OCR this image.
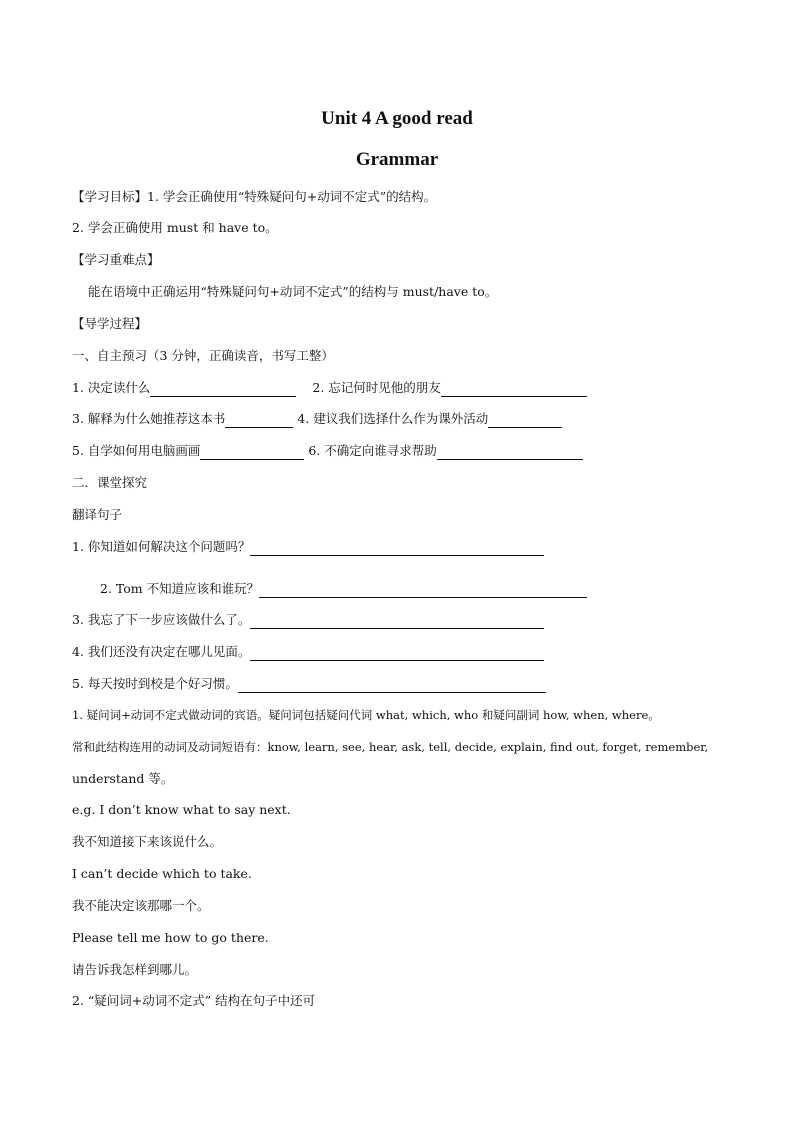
Unit 4 A good read
Grammar
【学习目标】1. 学会正确使用“特殊疑问句+动词不定式”的结构。
2. 学会正确使用 must 和 have to。
【学习重难点】
能在语境中正确运用“特殊疑问句+动词不定式”的结构与 must/have to。
【导学过程】
一、自主预习（3 分钟，正确读音，书写工整）
1. 决定读什么	2. 忘记何时见他的朋友
3. 解释为什么她推荐这本书	4. 建议我们选择什么作为课外活动
5. 自学如何用电脑画画	6. 不确定向谁寻求帮助
二．课堂探究
翻译句子
1. 你知道如何解决这个问题吗？
2. Tom 不知道应该和谁玩？
3. 我忘了下一步应该做什么了。
4. 我们还没有决定在哪儿见面。
5. 每天按时到校是个好习惯。
1. 疑问词+动词不定式做动词的宾语。疑问词包括疑问代词 what, which, who 和疑问副词 how, when, where。
常和此结构连用的动词及动词短语有：know, learn, see, hear, ask, tell, decide, explain, find out, forget, remember,
understand 等。
e.g. I don’t know what to say next.
我不知道接下来该说什么。
I can’t decide which to take.
我不能决定该那哪一个。
Please tell me how to go there.
请告诉我怎样到哪儿。
2. “疑问词+动词不定式” 结构在句子中还可
